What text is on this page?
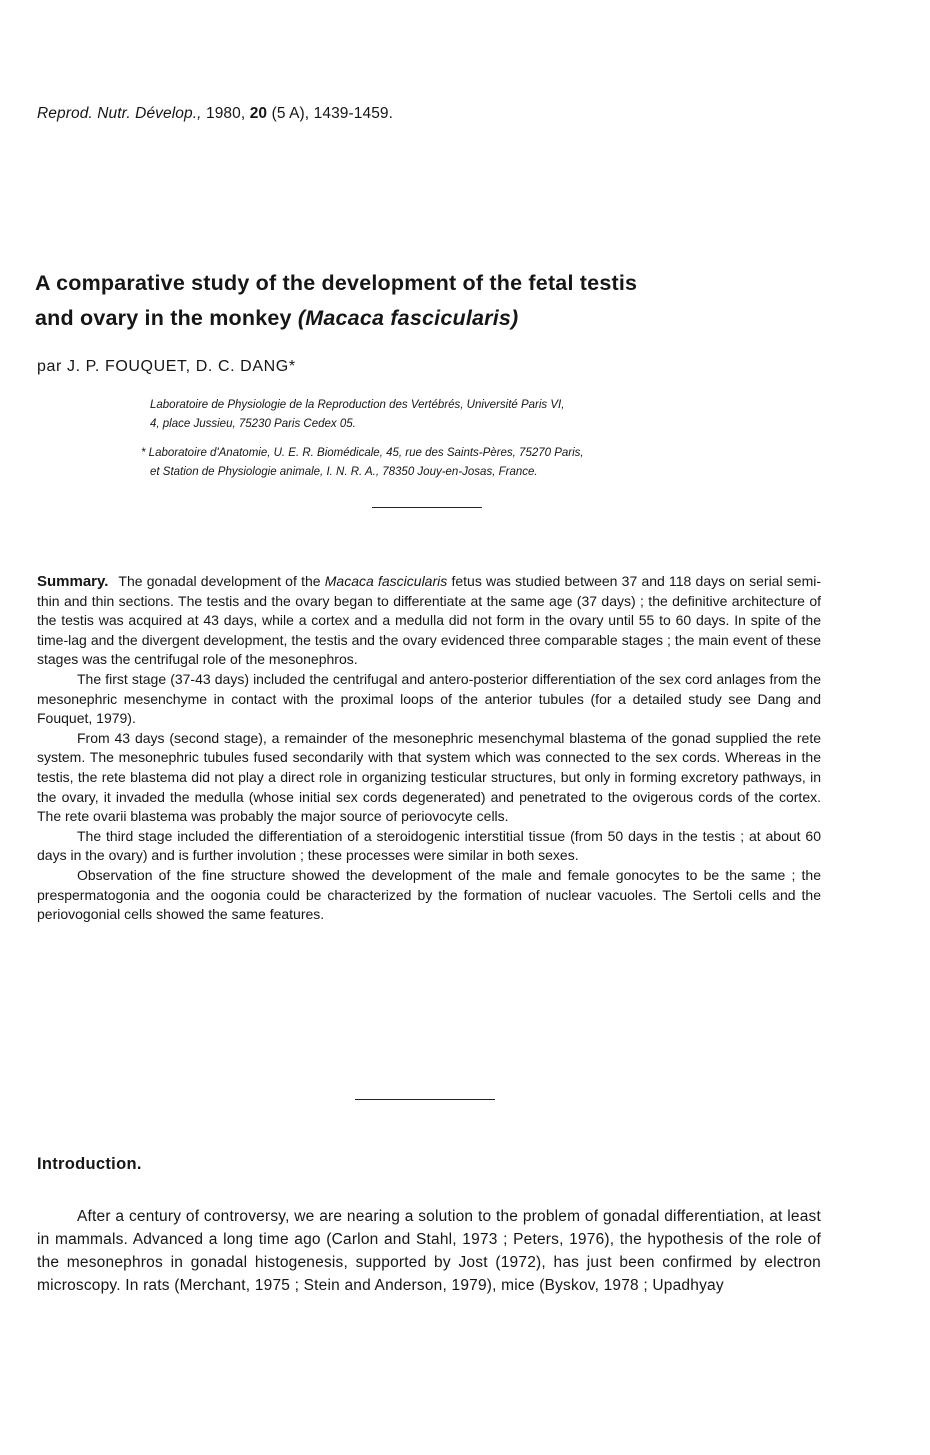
Reprod. Nutr. Dévelop., 1980, 20 (5 A), 1439-1459.
A comparative study of the development of the fetal testis
and ovary in the monkey (Macaca fascicularis)
par J. P. FOUQUET, D. C. DANG*
Laboratoire de Physiologie de la Reproduction des Vertébrés, Université Paris VI,
4, place Jussieu, 75230 Paris Cedex 05.
* Laboratoire d'Anatomie, U. E. R. Biomédicale, 45, rue des Saints-Pères, 75270 Paris,
et Station de Physiologie animale, I. N. R. A., 78350 Jouy-en-Josas, France.

Summary. The gonadal development of the Macaca fascicularis fetus was studied between 37 and 118 days on serial semi-thin and thin sections. The testis and the ovary began to differentiate at the same age (37 days) ; the definitive architecture of the testis was acquired at 43 days, while a cortex and a medulla did not form in the ovary until 55 to 60 days. In spite of the time-lag and the divergent development, the testis and the ovary evidenced three comparable stages ; the main event of these stages was the centrifugal role of the mesonephros.

The first stage (37-43 days) included the centrifugal and antero-posterior differentiation of the sex cord anlages from the mesonephric mesenchyme in contact with the proximal loops of the anterior tubules (for a detailed study see Dang and Fouquet, 1979).

From 43 days (second stage), a remainder of the mesonephric mesenchymal blastema of the gonad supplied the rete system. The mesonephric tubules fused secondarily with that system which was connected to the sex cords. Whereas in the testis, the rete blastema did not play a direct role in organizing testicular structures, but only in forming excretory pathways, in the ovary, it invaded the medulla (whose initial sex cords degenerated) and penetrated to the ovigerous cords of the cortex. The rete ovarii blastema was probably the major source of periovocyte cells.

The third stage included the differentiation of a steroidogenic interstitial tissue (from 50 days in the testis ; at about 60 days in the ovary) and is further involution ; these processes were similar in both sexes.

Observation of the fine structure showed the development of the male and female gonocytes to be the same ; the prespermatogonia and the oogonia could be characterized by the formation of nuclear vacuoles. The Sertoli cells and the periovogonial cells showed the same features.

Introduction.

After a century of controversy, we are nearing a solution to the problem of gonadal differentiation, at least in mammals. Advanced a long time ago (Carlon and Stahl, 1973 ; Peters, 1976), the hypothesis of the role of the mesonephros in gonadal histogenesis, supported by Jost (1972), has just been confirmed by electron microscopy. In rats (Merchant, 1975 ; Stein and Anderson, 1979), mice (Byskov, 1978 ; Upadhyay
